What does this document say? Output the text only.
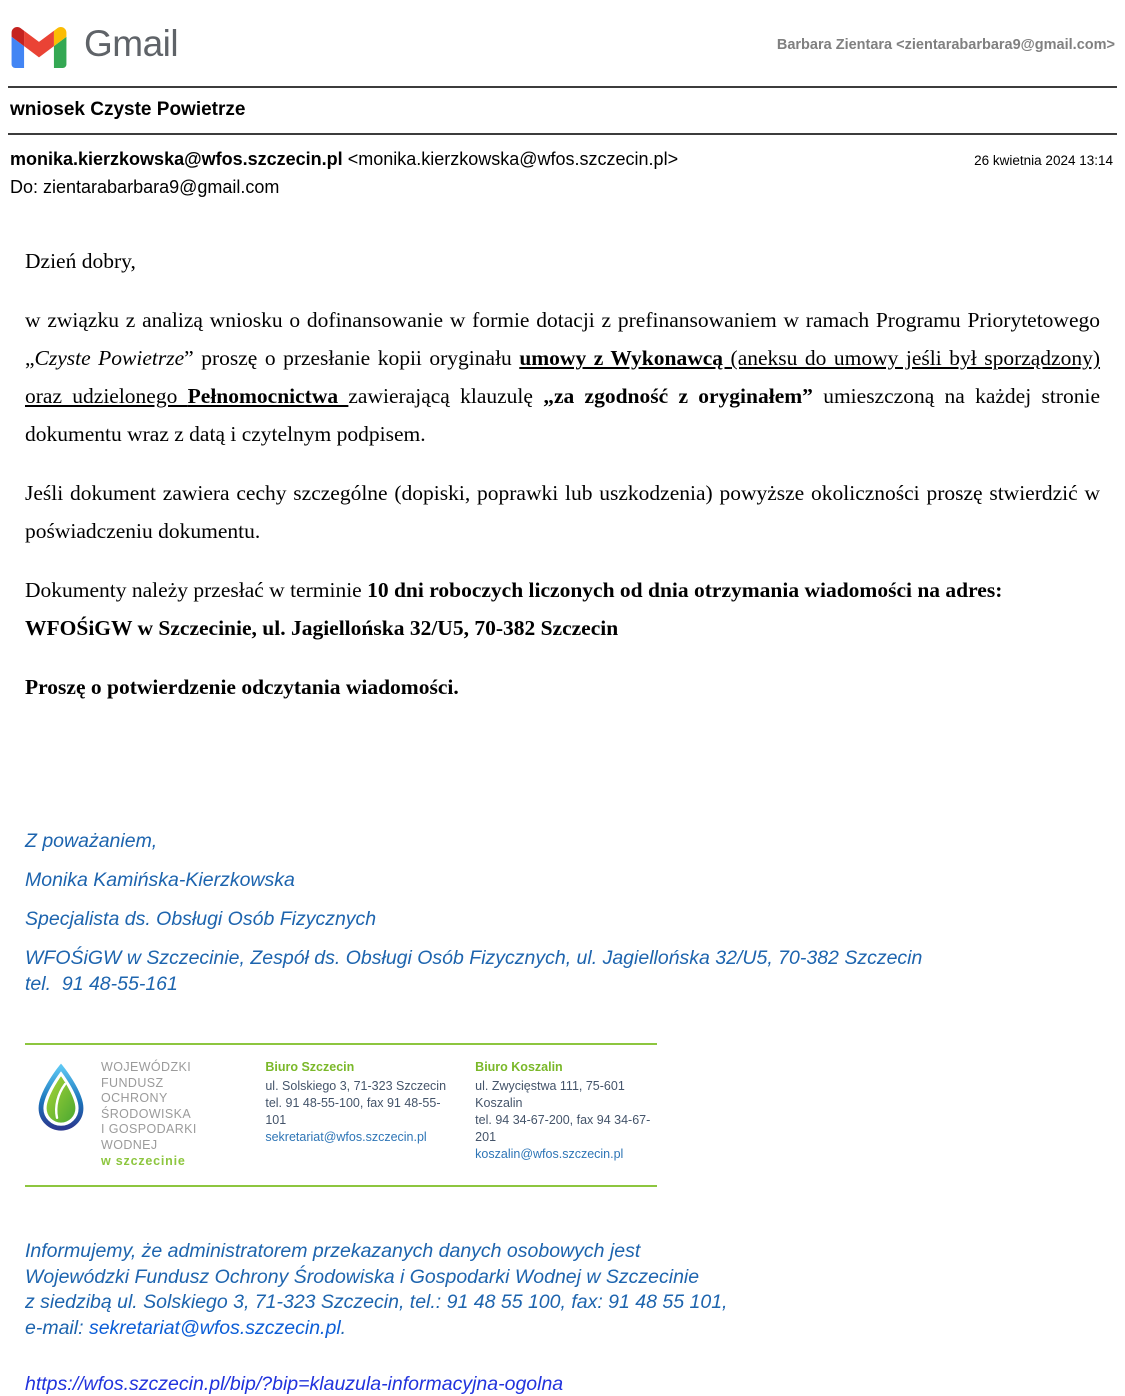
Gmail	Barbara Zientara <zientarabarbara9@gmail.com>
wniosek Czyste Powietrze
monika.kierzkowska@wfos.szczecin.pl <monika.kierzkowska@wfos.szczecin.pl>	26 kwietnia 2024 13:14
Do: zientarabarbara9@gmail.com

Dzień dobry,

w związku z analizą wniosku o dofinansowanie w formie dotacji z prefinansowaniem w ramach Programu Priorytetowego „Czyste Powietrze” proszę o przesłanie kopii oryginału umowy z Wykonawcą (aneksu do umowy jeśli był sporządzony) oraz udzielonego Pełnomocnictwa zawierającą klauzulę „za zgodność z oryginałem” umieszczoną na każdej stronie dokumentu wraz z datą i czytelnym podpisem.

Jeśli dokument zawiera cechy szczególne (dopiski, poprawki lub uszkodzenia) powyższe okoliczności proszę stwierdzić w poświadczeniu dokumentu.

Dokumenty należy przesłać w terminie 10 dni roboczych liczonych od dnia otrzymania wiadomości na adres:
WFOŚiGW w Szczecinie, ul. Jagiellońska 32/U5, 70-382 Szczecin

Proszę o potwierdzenie odczytania wiadomości.

Z poważaniem,

Monika Kamińska-Kierzkowska

Specjalista ds. Obsługi Osób Fizycznych

WFOŚiGW w Szczecinie, Zespół ds. Obsługi Osób Fizycznych, ul. Jagiellońska 32/U5, 70-382 Szczecin
tel.  91 48-55-161

WOJEWÓDZKI FUNDUSZ
OCHRONY ŚRODOWISKA
I GOSPODARKI WODNEJ
w szczecinie
Biuro Szczecin
ul. Solskiego 3, 71-323 Szczecin
tel. 91 48-55-100, fax 91 48-55-101
sekretariat@wfos.szczecin.pl
Biuro Koszalin
ul. Zwycięstwa 111, 75-601 Koszalin
tel. 94 34-67-200, fax 94 34-67-201
koszalin@wfos.szczecin.pl
Informujemy, że administratorem przekazanych danych osobowych jest
Wojewódzki Fundusz Ochrony Środowiska i Gospodarki Wodnej w Szczecinie
z siedzibą ul. Solskiego 3, 71-323 Szczecin, tel.: 91 48 55 100, fax: 91 48 55 101,
e-mail: sekretariat@wfos.szczecin.pl.
https://wfos.szczecin.pl/bip/?bip=klauzula-informacyjna-ogolna
